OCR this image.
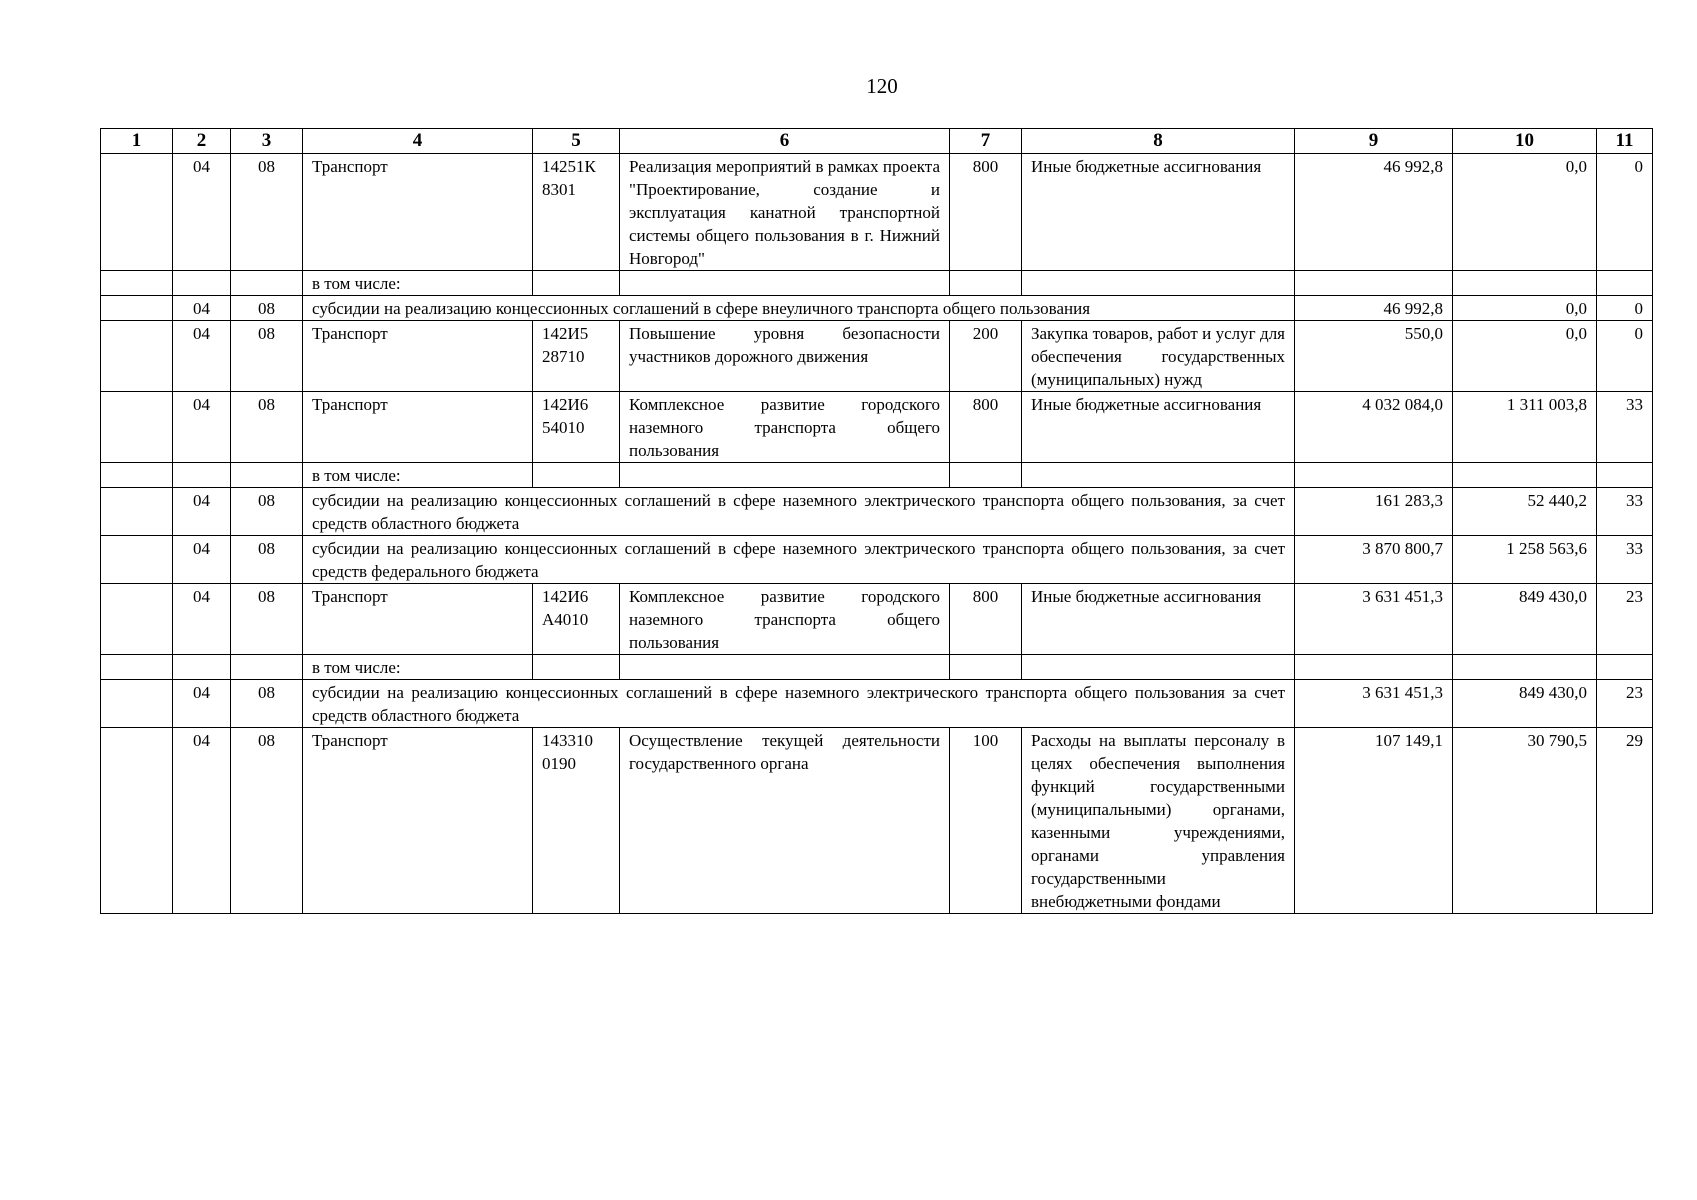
120
1	2	3	4	5	6	7	8	9	10	11
	04	08	Транспорт	14251К 8301	Реализация мероприятий в рамках проекта "Проектирование, создание и эксплуатация канатной транспортной системы общего пользования в г. Нижний Новгород"	800	Иные бюджетные ассигнования	46 992,8	0,0	0
			в том числе:							
	04	08	субсидии на реализацию концессионных соглашений в сфере внеуличного транспорта общего пользования					46 992,8	0,0	0
	04	08	Транспорт	142И5 28710	Повышение уровня безопасности участников дорожного движения	200	Закупка товаров, работ и услуг для обеспечения государственных (муниципальных) нужд	550,0	0,0	0
	04	08	Транспорт	142И6 54010	Комплексное развитие городского наземного транспорта общего пользования	800	Иные бюджетные ассигнования	4 032 084,0	1 311 003,8	33
			в том числе:							
	04	08	субсидии на реализацию концессионных соглашений в сфере наземного электрического транспорта общего пользования, за счет средств областного бюджета					161 283,3	52 440,2	33
	04	08	субсидии на реализацию концессионных соглашений в сфере наземного электрического транспорта общего пользования, за счет средств федерального бюджета					3 870 800,7	1 258 563,6	33
	04	08	Транспорт	142И6 А4010	Комплексное развитие городского наземного транспорта общего пользования	800	Иные бюджетные ассигнования	3 631 451,3	849 430,0	23
			в том числе:							
	04	08	субсидии на реализацию концессионных соглашений в сфере наземного электрического транспорта общего пользования за счет средств областного бюджета					3 631 451,3	849 430,0	23
	04	08	Транспорт	143310 0190	Осуществление текущей деятельности государственного органа	100	Расходы на выплаты персоналу в целях обеспечения выполнения функций государственными (муниципальными) органами, казенными учреждениями, органами управления государственными внебюджетными фондами	107 149,1	30 790,5	29
